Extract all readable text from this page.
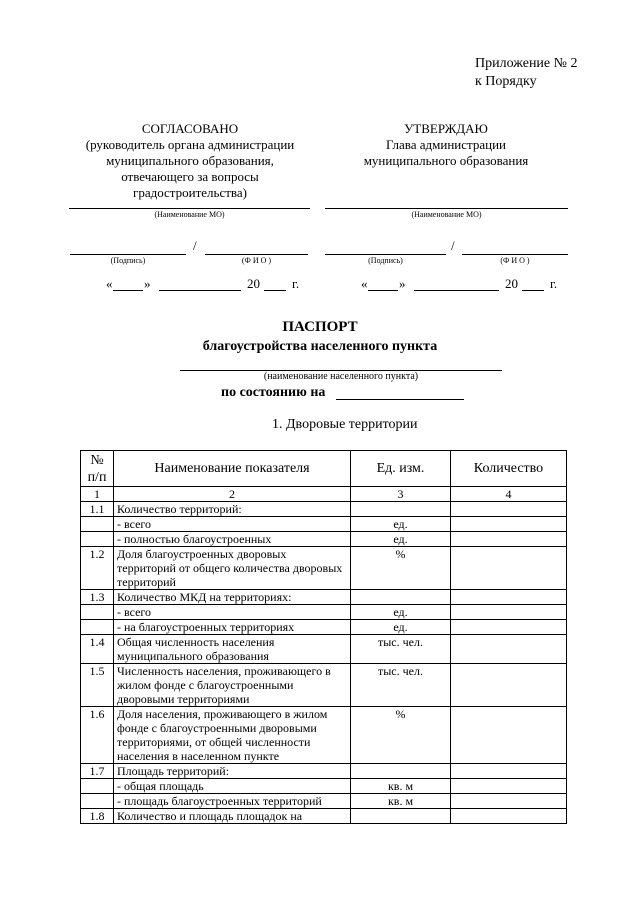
Приложение № 2
к Порядку
СОГЛАСОВАНО
(руководитель органа администрации
муниципального образования,
отвечающего за вопросы
градостроительства)
УТВЕРЖДАЮ
Глава администрации
муниципального образования
(Наименование МО)	(Наименование МО)
(Подпись)
/
(Ф И О )	(Подпись)
/
(Ф И О )
« »	20 г.	« »	20 г.
ПАСПОРТ
благоустройства населенного пункта
(наименование населенного пункта)
по состоянию на
1. Дворовые территории
№
п/п	Наименование показателя	Ед. изм.	Количество
1	2	3	4
1.1	Количество территорий:		
	- всего	ед.	
	- полностью благоустроенных	ед.	
1.2	Доля благоустроенных дворовых территорий от общего количества дворовых территорий	%	
1.3	Количество МКД на территориях:		
	- всего	ед.	
	- на благоустроенных территориях	ед.	
1.4	Общая численность населения муниципального образования	тыс. чел.	
1.5	Численность населения, проживающего в жилом фонде с благоустроенными дворовыми территориями	тыс. чел.	
1.6	Доля населения, проживающего в жилом фонде с благоустроенными дворовыми территориями, от общей численности населения в населенном пункте	%	
1.7	Площадь территорий:		
	- общая площадь	кв. м	
	- площадь благоустроенных территорий	кв. м	
1.8	Количество и площадь площадок на		
